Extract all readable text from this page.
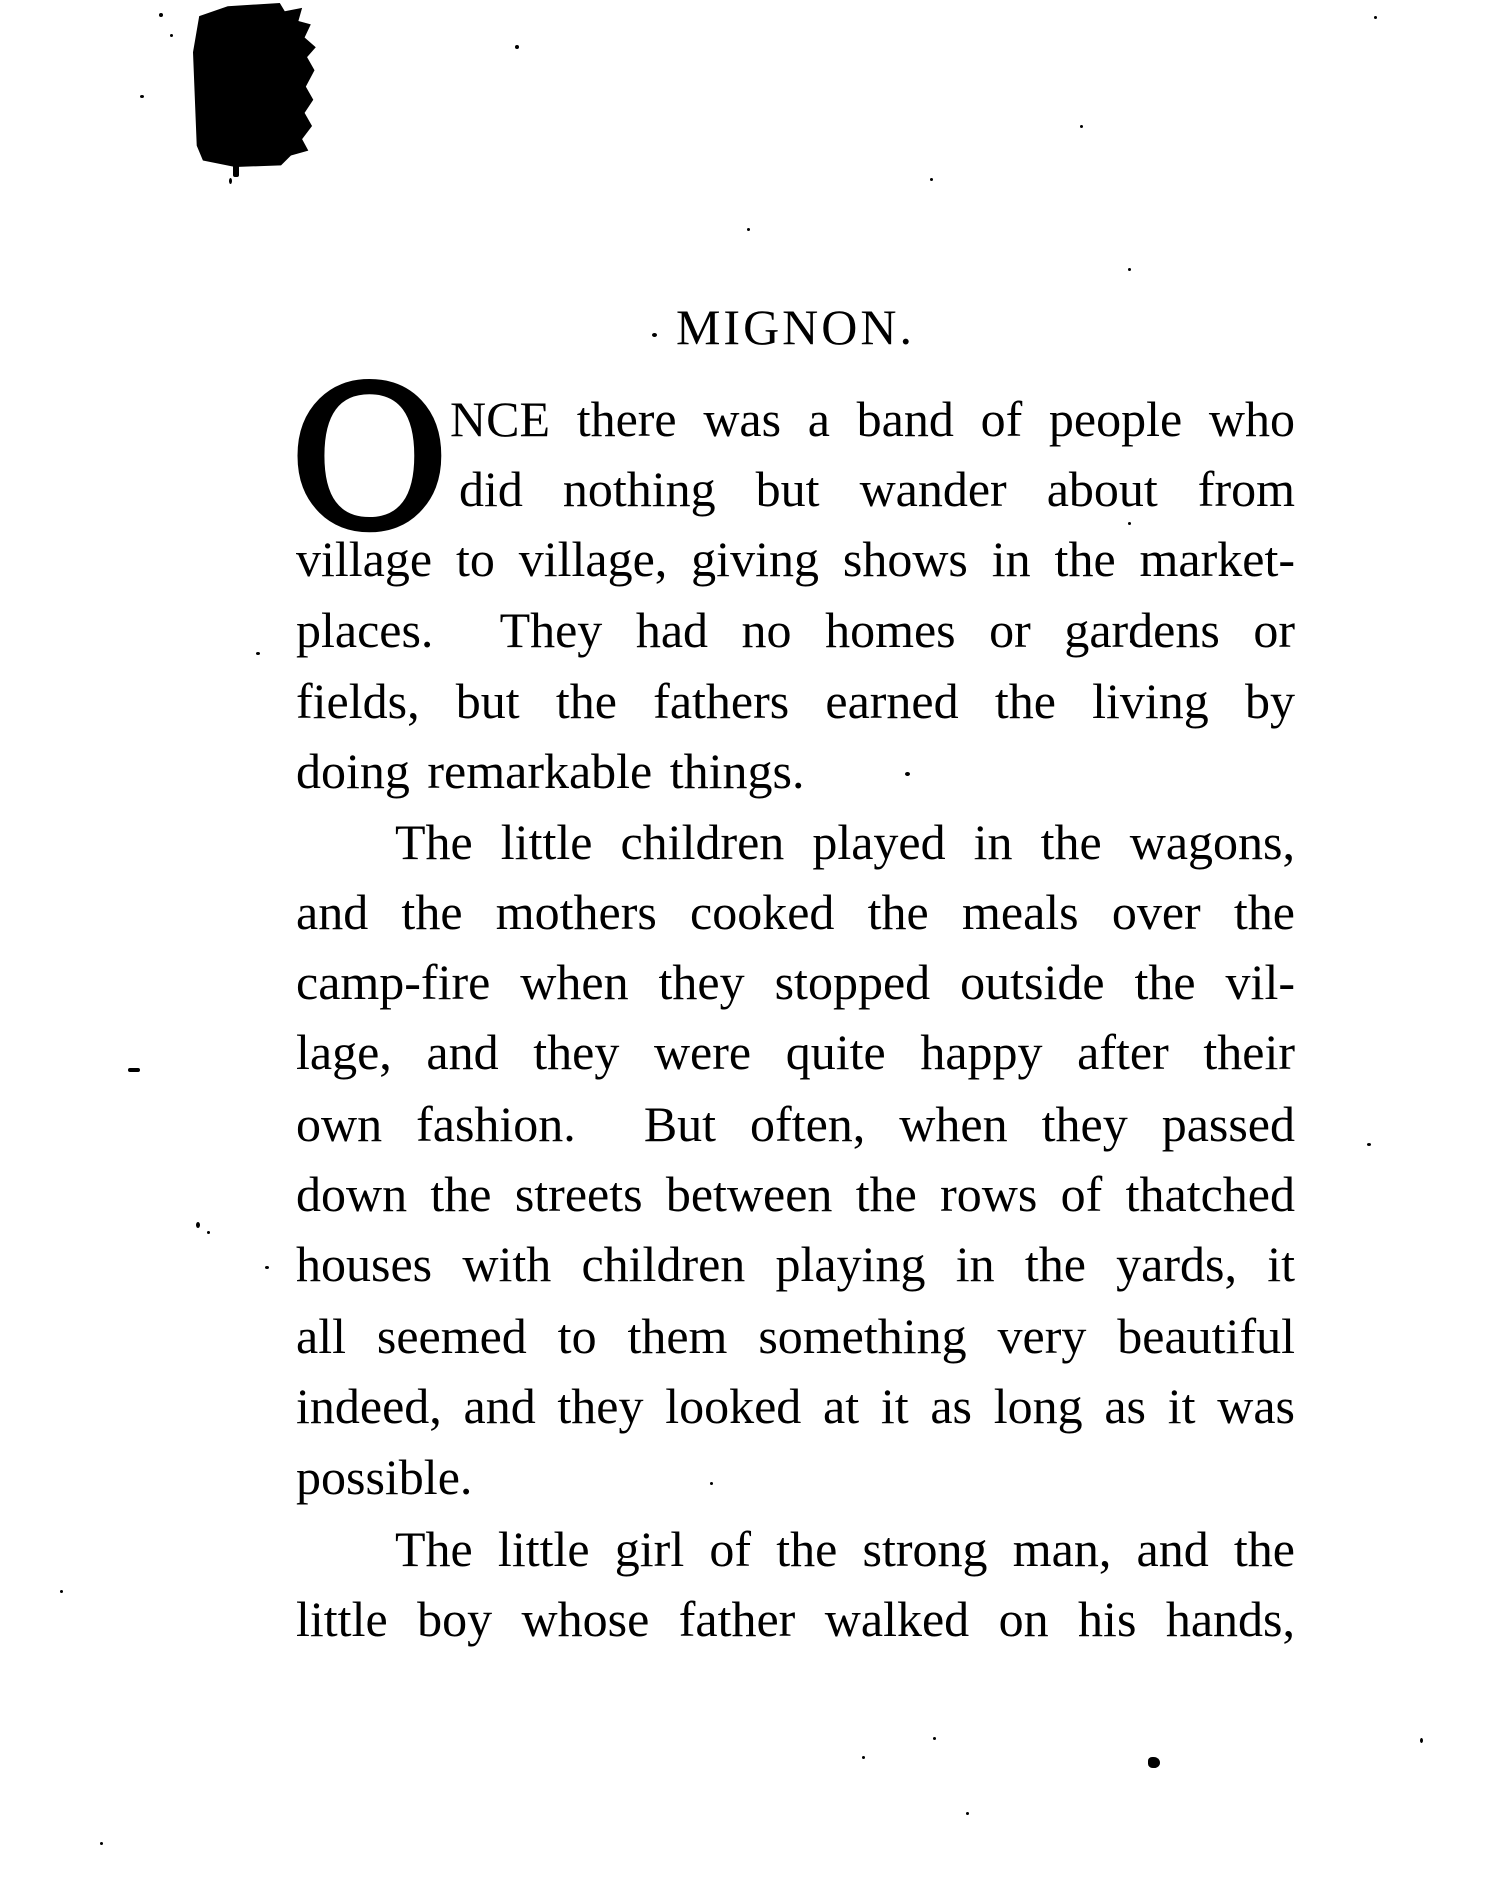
MIGNON.
O NCE there was a band of people who
did nothing but wander about from
village to village, giving shows in the market-
places.  They had no homes or gardens or
fields, but the fathers earned the living by
doing remarkable things.
The little children played in the wagons,
and the mothers cooked the meals over the
camp-fire when they stopped outside the vil-
lage, and they were quite happy after their
own fashion.  But often, when they passed
down the streets between the rows of thatched
houses with children playing in the yards, it
all seemed to them something very beautiful
indeed, and they looked at it as long as it was
possible.
The little girl of the strong man, and the
little boy whose father walked on his hands,
